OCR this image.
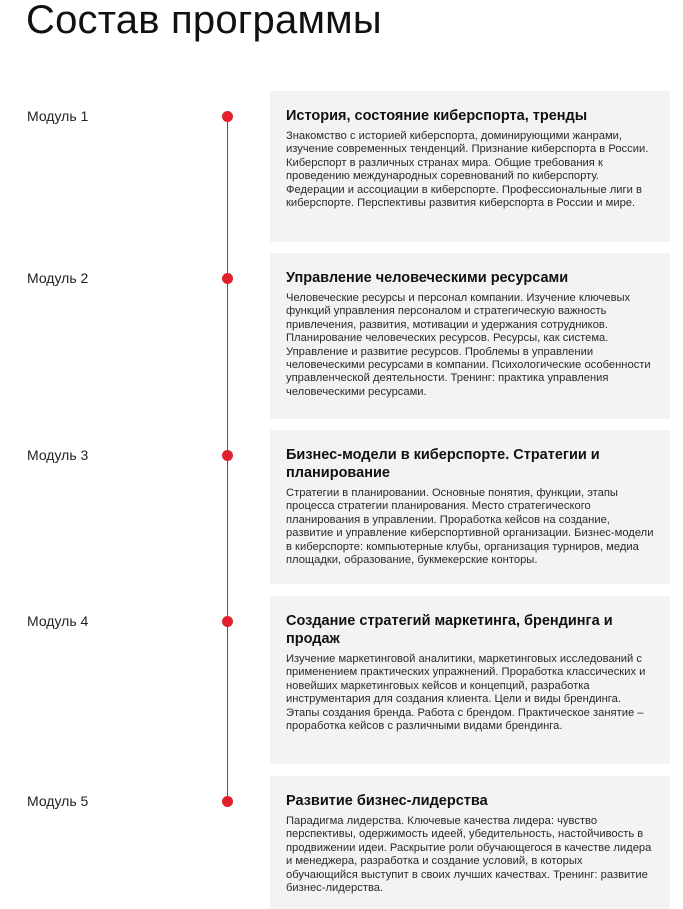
Состав программы
Модуль 1	История, состояние киберспорта, тренды

Знакомство с историей киберспорта, доминирующими жанрами, изучение современных тенденций. Признание киберспорта в России. Киберспорт в различных странах мира. Общие требования к проведению международных соревнований по киберспорту. Федерации и ассоциации в киберспорте. Профессиональные лиги в киберспорте. Перспективы развития киберспорта в России и мире.

Модуль 2	Управление человеческими ресурсами

Человеческие ресурсы и персонал компании. Изучение ключевых функций управления персоналом и стратегическую важность привлечения, развития, мотивации и удержания сотрудников. Планирование человеческих ресурсов. Ресурсы, как система. Управление и развитие ресурсов. Проблемы в управлении человеческими ресурсами в компании. Психологические особенности управленческой деятельности. Тренинг: практика управления человеческими ресурсами.

Модуль 3	Бизнес-модели в киберспорте. Стратегии и планирование

Стратегии в планировании. Основные понятия, функции, этапы процесса стратегии планирования. Место стратегического планирования в управлении. Проработка кейсов на создание, развитие и управление киберспортивной организации. Бизнес-модели в киберспорте: компьютерные клубы, организация турниров, медиа площадки, образование, букмекерские конторы.

Модуль 4	Создание стратегий маркетинга, брендинга и продаж

Изучение маркетинговой аналитики, маркетинговых исследований с применением практических упражнений. Проработка классических и новейших маркетинговых кейсов и концепций, разработка инструментария для создания клиента. Цели и виды брендинга. Этапы создания бренда. Работа с брендом. Практическое занятие – проработка кейсов с различными видами брендинга.

Модуль 5	Развитие бизнес-лидерства

Парадигма лидерства. Ключевые качества лидера: чувство перспективы, одержимость идеей, убедительность, настойчивость в продвижении идеи. Раскрытие роли обучающегося в качестве лидера и менеджера, разработка и создание условий, в которых обучающийся выступит в своих лучших качествах. Тренинг: развитие бизнес-лидерства.
